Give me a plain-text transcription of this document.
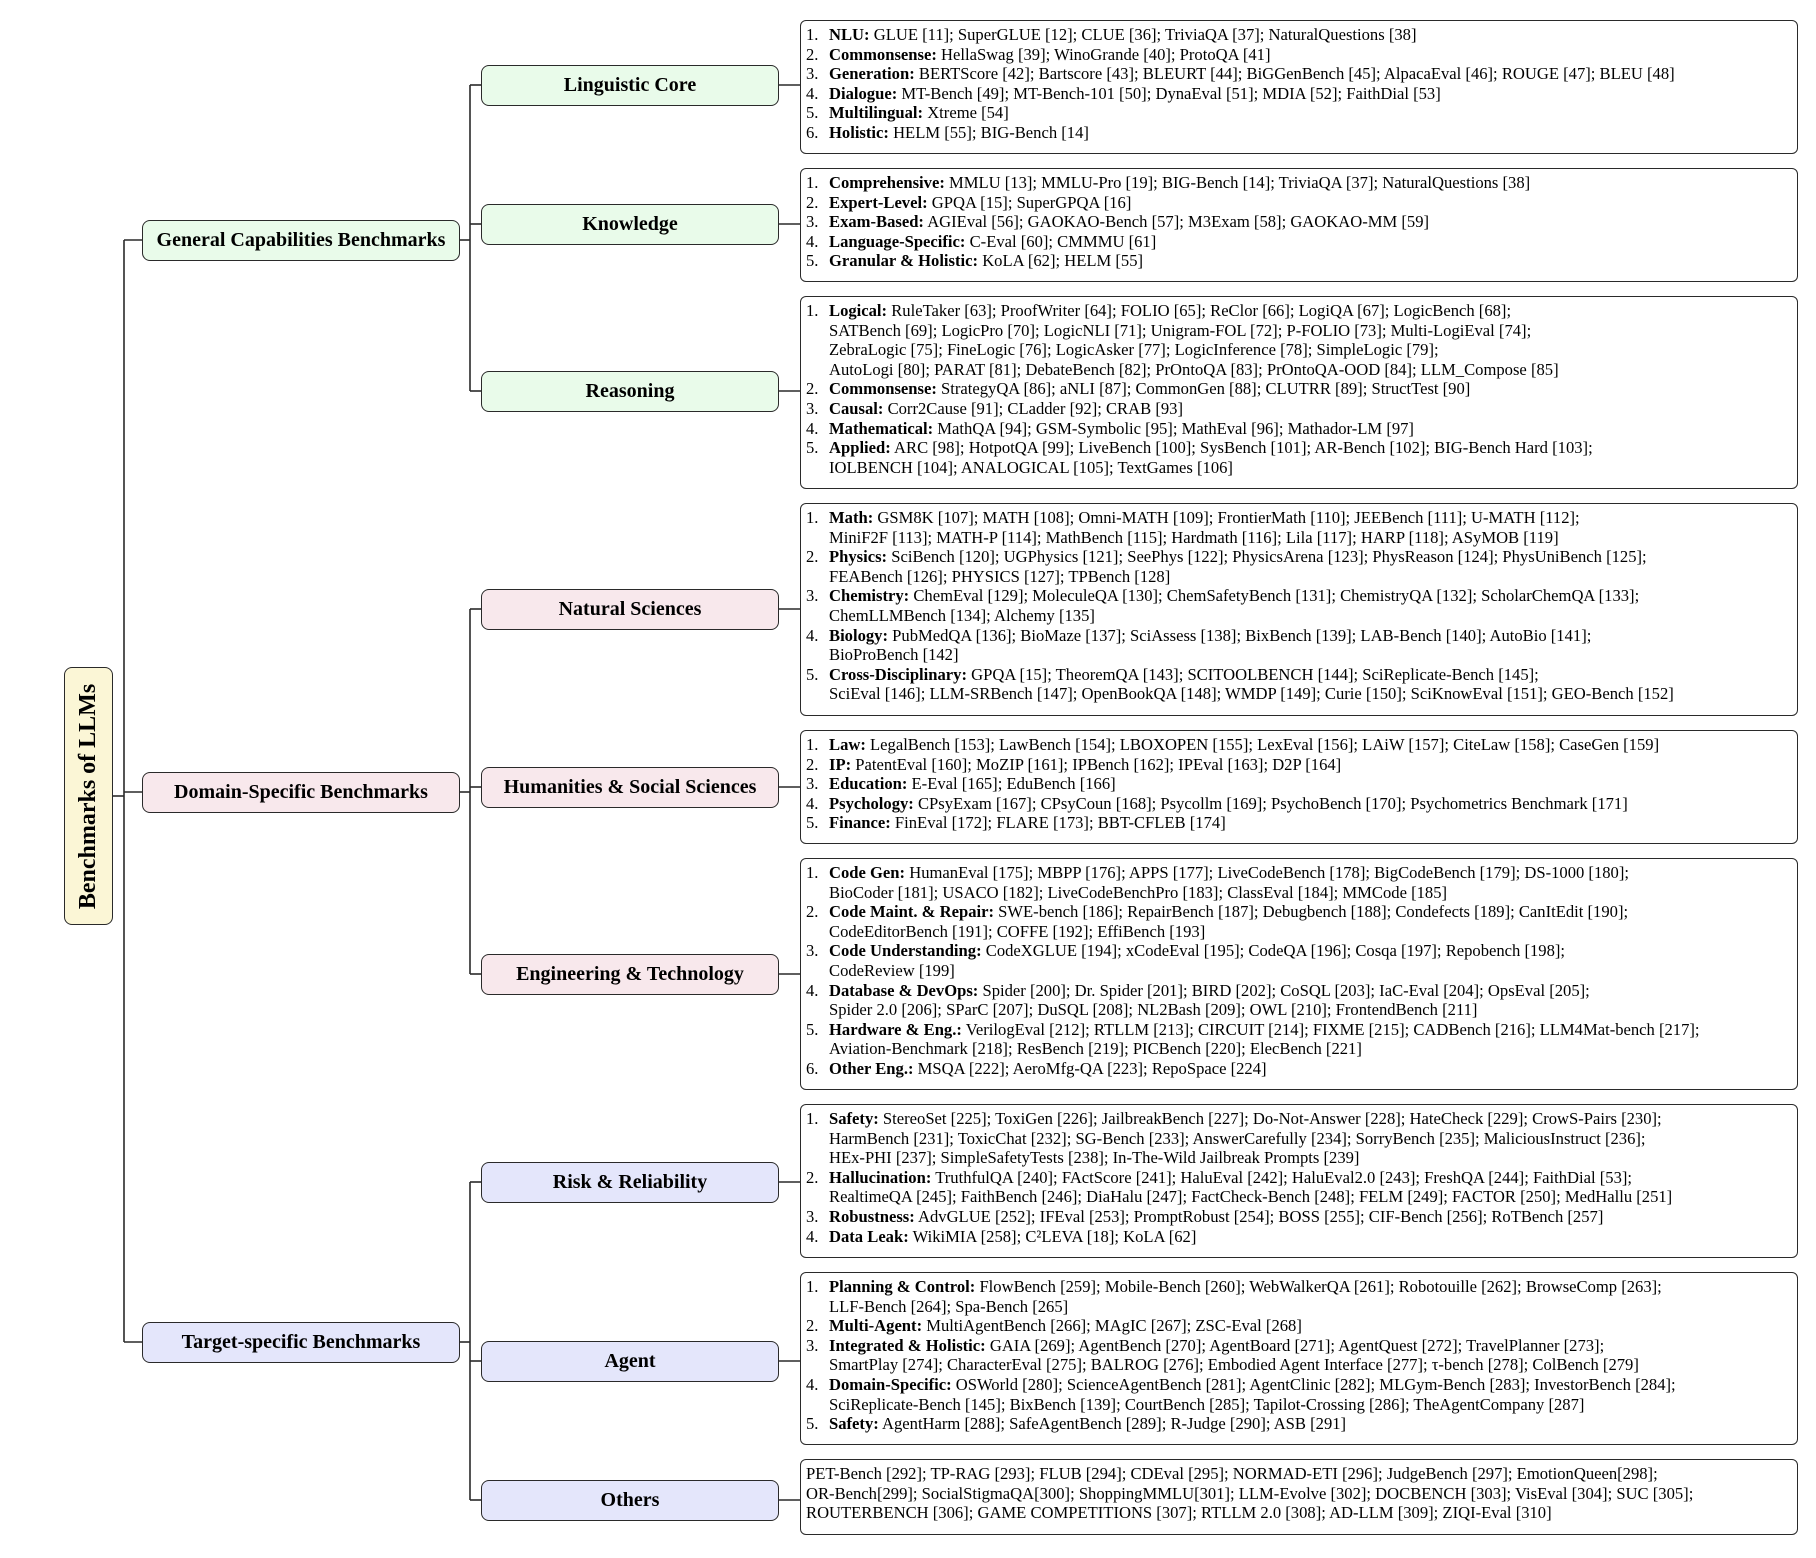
Benchmarks of LLMs
General Capabilities Benchmarks
Domain-Specific Benchmarks
Target-specific Benchmarks
Linguistic Core
Knowledge
Reasoning
Natural Sciences
Humanities & Social Sciences
Engineering & Technology
Risk & Reliability
Agent
Others
1. NLU: GLUE [11]; SuperGLUE [12]; CLUE [36]; TriviaQA [37]; NaturalQuestions [38]
2. Commonsense: HellaSwag [39]; WinoGrande [40]; ProtoQA [41]
3. Generation: BERTScore [42]; Bartscore [43]; BLEURT [44]; BiGGenBench [45]; AlpacaEval [46]; ROUGE [47]; BLEU [48]
4. Dialogue: MT-Bench [49]; MT-Bench-101 [50]; DynaEval [51]; MDIA [52]; FaithDial [53]
5. Multilingual: Xtreme [54]
6. Holistic: HELM [55]; BIG-Bench [14]
1. Comprehensive: MMLU [13]; MMLU-Pro [19]; BIG-Bench [14]; TriviaQA [37]; NaturalQuestions [38]
2. Expert-Level: GPQA [15]; SuperGPQA [16]
3. Exam-Based: AGIEval [56]; GAOKAO-Bench [57]; M3Exam [58]; GAOKAO-MM [59]
4. Language-Specific: C-Eval [60]; CMMMU [61]
5. Granular & Holistic: KoLA [62]; HELM [55]
1. Logical: RuleTaker [63]; ProofWriter [64]; FOLIO [65]; ReClor [66]; LogiQA [67]; LogicBench [68];
SATBench [69]; LogicPro [70]; LogicNLI [71]; Unigram-FOL [72]; P-FOLIO [73]; Multi-LogiEval [74];
ZebraLogic [75]; FineLogic [76]; LogicAsker [77]; LogicInference [78]; SimpleLogic [79];
AutoLogi [80]; PARAT [81]; DebateBench [82]; PrOntoQA [83]; PrOntoQA-OOD [84]; LLM_Compose [85]
2. Commonsense: StrategyQA [86]; aNLI [87]; CommonGen [88]; CLUTRR [89]; StructTest [90]
3. Causal: Corr2Cause [91]; CLadder [92]; CRAB [93]
4. Mathematical: MathQA [94]; GSM-Symbolic [95]; MathEval [96]; Mathador-LM [97]
5. Applied: ARC [98]; HotpotQA [99]; LiveBench [100]; SysBench [101]; AR-Bench [102]; BIG-Bench Hard [103];
IOLBENCH [104]; ANALOGICAL [105]; TextGames [106]
1. Math: GSM8K [107]; MATH [108]; Omni-MATH [109]; FrontierMath [110]; JEEBench [111]; U-MATH [112];
MiniF2F [113]; MATH-P [114]; MathBench [115]; Hardmath [116]; Lila [117]; HARP [118]; ASyMOB [119]
2. Physics: SciBench [120]; UGPhysics [121]; SeePhys [122]; PhysicsArena [123]; PhysReason [124]; PhysUniBench [125];
FEABench [126]; PHYSICS [127]; TPBench [128]
3. Chemistry: ChemEval [129]; MoleculeQA [130]; ChemSafetyBench [131]; ChemistryQA [132]; ScholarChemQA [133];
ChemLLMBench [134]; Alchemy [135]
4. Biology: PubMedQA [136]; BioMaze [137]; SciAssess [138]; BixBench [139]; LAB-Bench [140]; AutoBio [141];
BioProBench [142]
5. Cross-Disciplinary: GPQA [15]; TheoremQA [143]; SCITOOLBENCH [144]; SciReplicate-Bench [145];
SciEval [146]; LLM-SRBench [147]; OpenBookQA [148]; WMDP [149]; Curie [150]; SciKnowEval [151]; GEO-Bench [152]
1. Law: LegalBench [153]; LawBench [154]; LBOXOPEN [155]; LexEval [156]; LAiW [157]; CiteLaw [158]; CaseGen [159]
2. IP: PatentEval [160]; MoZIP [161]; IPBench [162]; IPEval [163]; D2P [164]
3. Education: E-Eval [165]; EduBench [166]
4. Psychology: CPsyExam [167]; CPsyCoun [168]; Psycollm [169]; PsychoBench [170]; Psychometrics Benchmark [171]
5. Finance: FinEval [172]; FLARE [173]; BBT-CFLEB [174]
1. Code Gen: HumanEval [175]; MBPP [176]; APPS [177]; LiveCodeBench [178]; BigCodeBench [179]; DS-1000 [180];
BioCoder [181]; USACO [182]; LiveCodeBenchPro [183]; ClassEval [184]; MMCode [185]
2. Code Maint. & Repair: SWE-bench [186]; RepairBench [187]; Debugbench [188]; Condefects [189]; CanItEdit [190];
CodeEditorBench [191]; COFFE [192]; EffiBench [193]
3. Code Understanding: CodeXGLUE [194]; xCodeEval [195]; CodeQA [196]; Cosqa [197]; Repobench [198];
CodeReview [199]
4. Database & DevOps: Spider [200]; Dr. Spider [201]; BIRD [202]; CoSQL [203]; IaC-Eval [204]; OpsEval [205];
Spider 2.0 [206]; SParC [207]; DuSQL [208]; NL2Bash [209]; OWL [210]; FrontendBench [211]
5. Hardware & Eng.: VerilogEval [212]; RTLLM [213]; CIRCUIT [214]; FIXME [215]; CADBench [216]; LLM4Mat-bench [217];
Aviation-Benchmark [218]; ResBench [219]; PICBench [220]; ElecBench [221]
6. Other Eng.: MSQA [222]; AeroMfg-QA [223]; RepoSpace [224]
1. Safety: StereoSet [225]; ToxiGen [226]; JailbreakBench [227]; Do-Not-Answer [228]; HateCheck [229]; CrowS-Pairs [230];
HarmBench [231]; ToxicChat [232]; SG-Bench [233]; AnswerCarefully [234]; SorryBench [235]; MaliciousInstruct [236];
HEx-PHI [237]; SimpleSafetyTests [238]; In-The-Wild Jailbreak Prompts [239]
2. Hallucination: TruthfulQA [240]; FActScore [241]; HaluEval [242]; HaluEval2.0 [243]; FreshQA [244]; FaithDial [53];
RealtimeQA [245]; FaithBench [246]; DiaHalu [247]; FactCheck-Bench [248]; FELM [249]; FACTOR [250]; MedHallu [251]
3. Robustness: AdvGLUE [252]; IFEval [253]; PromptRobust [254]; BOSS [255]; CIF-Bench [256]; RoTBench [257]
4. Data Leak: WikiMIA [258]; C²LEVA [18]; KoLA [62]
1. Planning & Control: FlowBench [259]; Mobile-Bench [260]; WebWalkerQA [261]; Robotouille [262]; BrowseComp [263];
LLF-Bench [264]; Spa-Bench [265]
2. Multi-Agent: MultiAgentBench [266]; MAgIC [267]; ZSC-Eval [268]
3. Integrated & Holistic: GAIA [269]; AgentBench [270]; AgentBoard [271]; AgentQuest [272]; TravelPlanner [273];
SmartPlay [274]; CharacterEval [275]; BALROG [276]; Embodied Agent Interface [277]; τ-bench [278]; ColBench [279]
4. Domain-Specific: OSWorld [280]; ScienceAgentBench [281]; AgentClinic [282]; MLGym-Bench [283]; InvestorBench [284];
SciReplicate-Bench [145]; BixBench [139]; CourtBench [285]; Tapilot-Crossing [286]; TheAgentCompany [287]
5. Safety: AgentHarm [288]; SafeAgentBench [289]; R-Judge [290]; ASB [291]
PET-Bench [292]; TP-RAG [293]; FLUB [294]; CDEval [295]; NORMAD-ETI [296]; JudgeBench [297]; EmotionQueen[298];
OR-Bench[299]; SocialStigmaQA[300]; ShoppingMMLU[301]; LLM-Evolve [302]; DOCBENCH [303]; VisEval [304]; SUC [305];
ROUTERBENCH [306]; GAME COMPETITIONS [307]; RTLLM 2.0 [308]; AD-LLM [309]; ZIQI-Eval [310]
